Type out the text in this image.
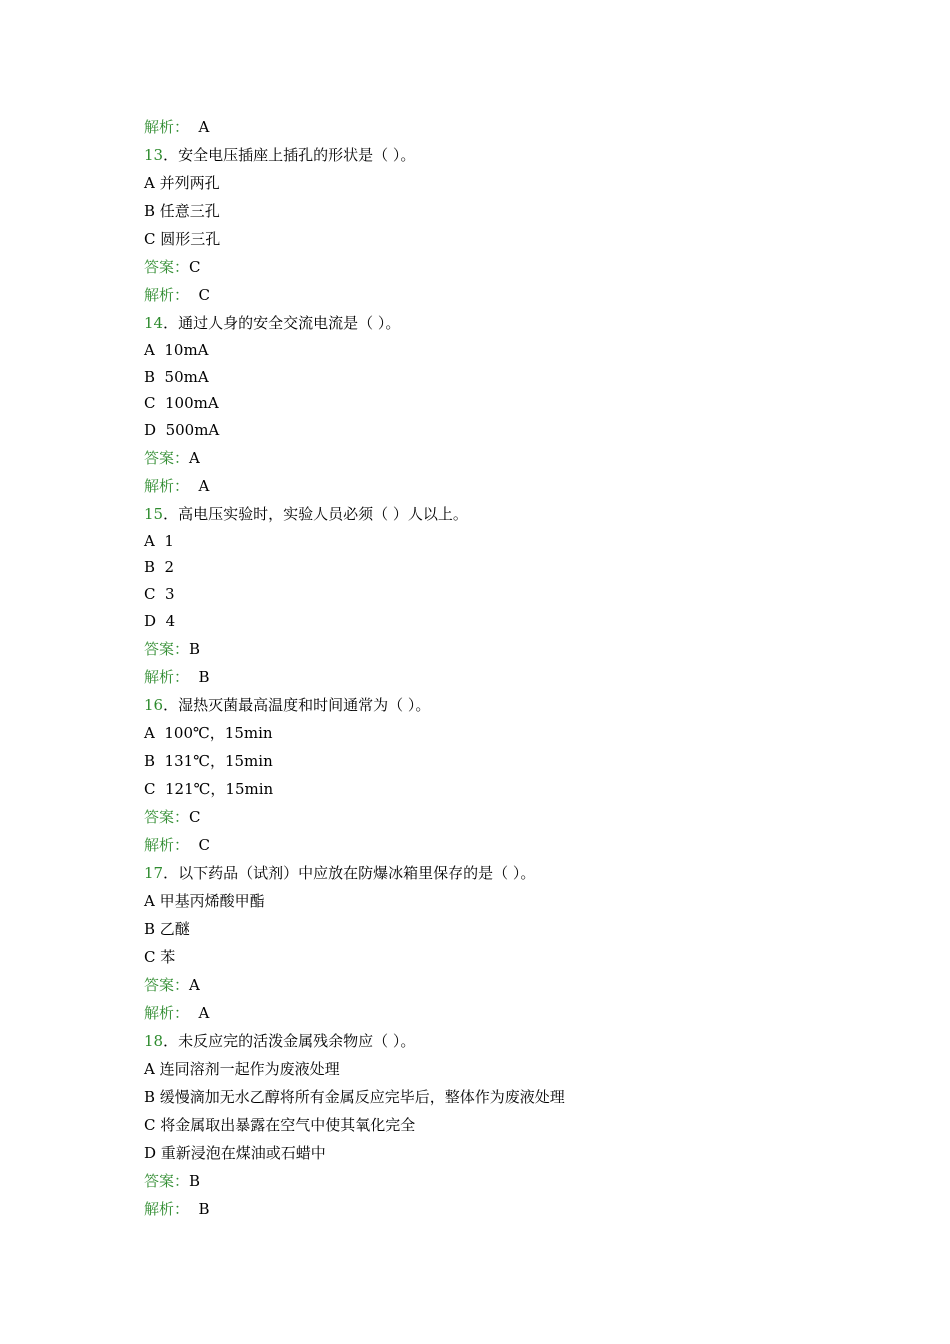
解析：  A
13．安全电压插座上插孔的形状是（ ）。
A 并列两孔
B 任意三孔
C 圆形三孔
答案：C
解析：  C
14．通过人身的安全交流电流是（ ）。
A  10mA
B  50mA
C  100mA
D  500mA
答案：A
解析：  A
15．高电压实验时，实验人员必须（ ）人以上。
A  1
B  2
C  3
D  4
答案：B
解析：  B
16．湿热灭菌最高温度和时间通常为（ ）。
A  100℃，15min
B  131℃，15min
C  121℃，15min
答案：C
解析：  C
17．以下药品（试剂）中应放在防爆冰箱里保存的是（ ）。
A 甲基丙烯酸甲酯
B 乙醚
C 苯
答案：A
解析：  A
18．未反应完的活泼金属残余物应（ ）。
A 连同溶剂一起作为废液处理
B 缓慢滴加无水乙醇将所有金属反应完毕后，整体作为废液处理
C 将金属取出暴露在空气中使其氧化完全
D 重新浸泡在煤油或石蜡中
答案：B
解析：  B
